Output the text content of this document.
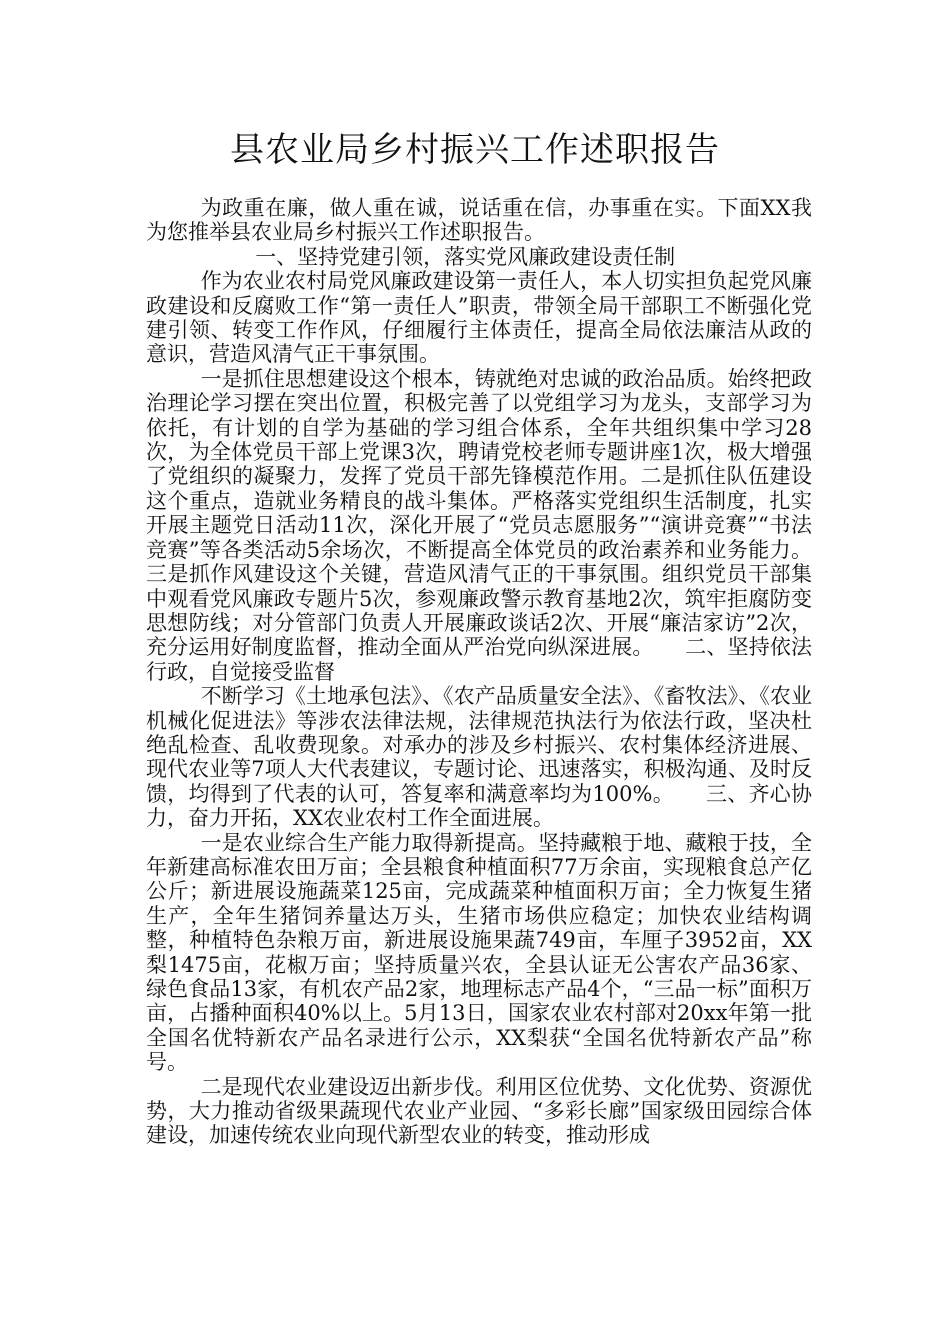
县农业局乡村振兴工作述职报告

为政重在廉，做人重在诚，说话重在信，办事重在实。下面XX我为您推举县农业局乡村振兴工作述职报告。

一、坚持党建引领，落实党风廉政建设责任制

作为农业农村局党风廉政建设第一责任人，本人切实担负起党风廉政建设和反腐败工作“第一责任人”职责，带领全局干部职工不断强化党建引领、转变工作作风，仔细履行主体责任，提高全局依法廉洁从政的意识，营造风清气正干事氛围。

一是抓住思想建设这个根本，铸就绝对忠诚的政治品质。始终把政治理论学习摆在突出位置，积极完善了以党组学习为龙头，支部学习为依托，有计划的自学为基础的学习组合体系，全年共组织集中学习28次，为全体党员干部上党课3次，聘请党校老师专题讲座1次，极大增强了党组织的凝聚力，发挥了党员干部先锋模范作用。二是抓住队伍建设这个重点，造就业务精良的战斗集体。严格落实党组织生活制度，扎实开展主题党日活动11次，深化开展了“党员志愿服务”“演讲竞赛”“书法竞赛”等各类活动5余场次，不断提高全体党员的政治素养和业务能力。三是抓作风建设这个关键，营造风清气正的干事氛围。组织党员干部集中观看党风廉政专题片5次，参观廉政警示教育基地2次，筑牢拒腐防变思想防线；对分管部门负责人开展廉政谈话2次、开展“廉洁家访”2次，充分运用好制度监督，推动全面从严治党向纵深进展。　　二、坚持依法行政，自觉接受监督

不断学习《土地承包法》、《农产品质量安全法》、《畜牧法》、《农业机械化促进法》等涉农法律法规，法律规范执法行为依法行政，坚决杜绝乱检查、乱收费现象。对承办的涉及乡村振兴、农村集体经济进展、现代农业等7项人大代表建议，专题讨论、迅速落实，积极沟通、及时反馈，均得到了代表的认可，答复率和满意率均为100%。　　三、齐心协力，奋力开拓，XX农业农村工作全面进展。

一是农业综合生产能力取得新提高。坚持藏粮于地、藏粮于技，全年新建高标准农田万亩；全县粮食种植面积77万余亩，实现粮食总产亿公斤；新进展设施蔬菜125亩，完成蔬菜种植面积万亩；全力恢复生猪生产，全年生猪饲养量达万头，生猪市场供应稳定；加快农业结构调整，种植特色杂粮万亩，新进展设施果蔬749亩，车厘子3952亩，XX梨1475亩，花椒万亩；坚持质量兴农，全县认证无公害农产品36家、绿色食品13家，有机农产品2家，地理标志产品4个，“三品一标”面积万亩，占播种面积40%以上。5月13日，国家农业农村部对20xx年第一批全国名优特新农产品名录进行公示，XX梨获“全国名优特新农产品”称号。

二是现代农业建设迈出新步伐。利用区位优势、文化优势、资源优势，大力推动省级果蔬现代农业产业园、“多彩长廊”国家级田园综合体建设，加速传统农业向现代新型农业的转变，推动形成
